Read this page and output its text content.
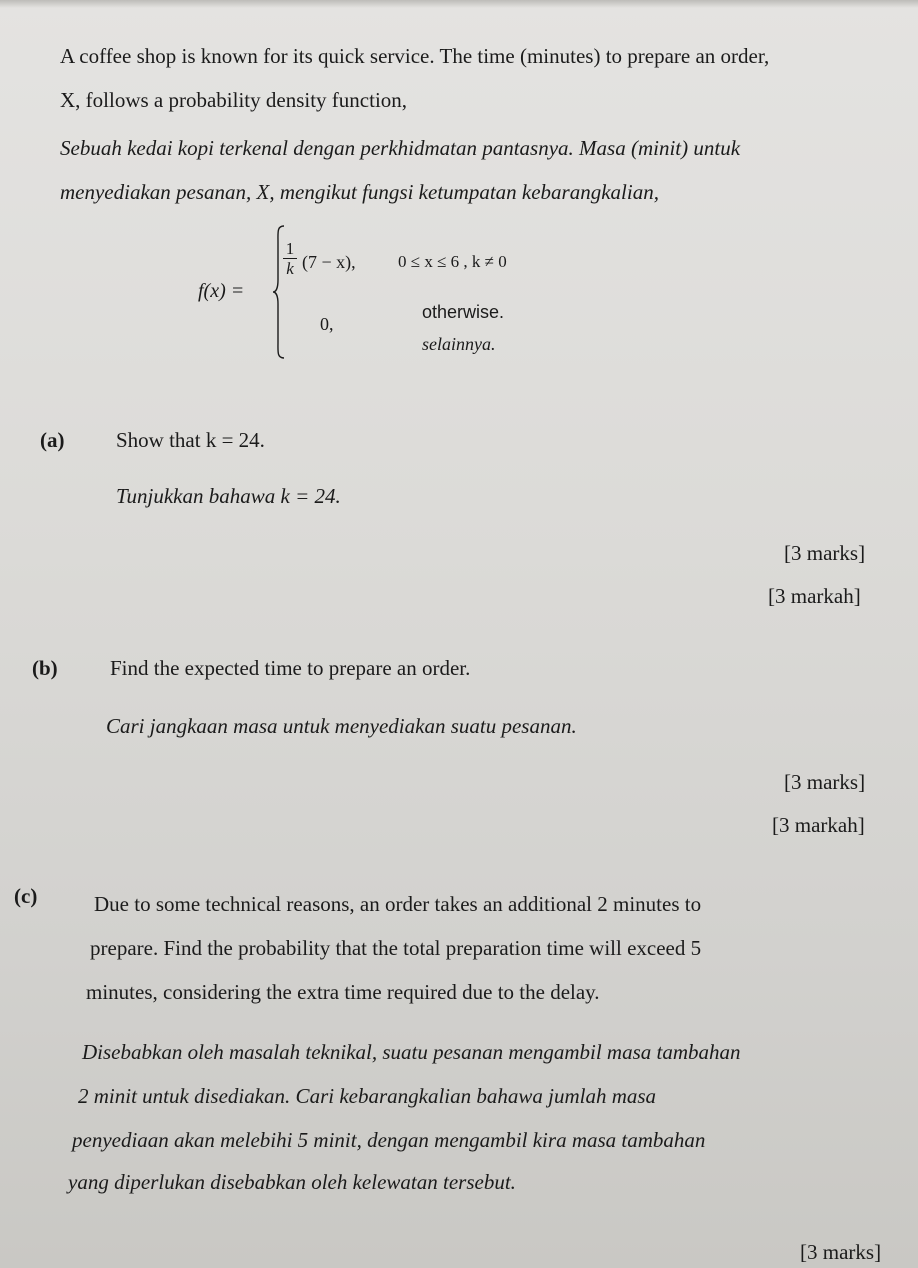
A coffee shop is known for its quick service. The time (minutes) to prepare an order,
X, follows a probability density function,
Sebuah kedai kopi terkenal dengan perkhidmatan pantasnya. Masa (minit) untuk
menyediakan pesanan, X, mengikut fungsi ketumpatan kebarangkalian,
f(x) =
$\frac{1}{k} (7 - x)$, 0 ≤ x ≤ 6 , k ≠ 0
0,
otherwise.
selainnya.
(a) Show that k = 24.
Tunjukkan bahawa k = 24.
[3 marks]
[3 markah]
(b) Find the expected time to prepare an order.
Cari jangkaan masa untuk menyediakan suatu pesanan.
[3 marks]
[3 markah]
(c)	Due to some technical reasons, an order takes an additional 2 minutes to
prepare. Find the probability that the total preparation time will exceed 5
minutes, considering the extra time required due to the delay.
Disebabkan oleh masalah teknikal, suatu pesanan mengambil masa tambahan
2 minit untuk disediakan. Cari kebarangkalian bahawa jumlah masa
penyediaan akan melebihi 5 minit, dengan mengambil kira masa tambahan
yang diperlukan disebabkan oleh kelewatan tersebut.
[3 marks]
